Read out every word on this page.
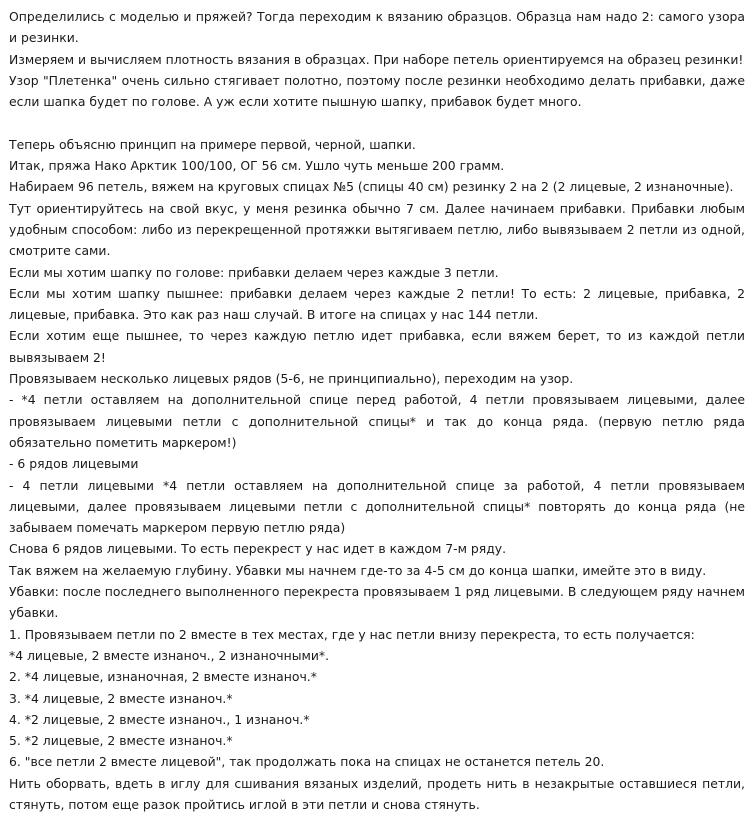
Определились с моделью и пряжей? Тогда переходим к вязанию образцов. Образца нам надо 2: самого узора и резинки.

Измеряем и вычисляем плотность вязания в образцах. При наборе петель ориентируемся на образец резинки!

Узор "Плетенка" очень сильно стягивает полотно, поэтому после резинки необходимо делать прибавки, даже если шапка будет по голове. А уж если хотите пышную шапку, прибавок будет много.

Теперь объясню принцип на примере первой, черной, шапки.

Итак, пряжа Нако Арктик 100/100, ОГ 56 см. Ушло чуть меньше 200 грамм.

Набираем 96 петель, вяжем на круговых спицах №5 (спицы 40 см) резинку 2 на 2 (2 лицевые, 2 изнаночные).

Тут ориентируйтесь на свой вкус, у меня резинка обычно 7 см. Далее начинаем прибавки. Прибавки любым удобным способом: либо из перекрещенной протяжки вытягиваем петлю, либо вывязываем 2 петли из одной, смотрите сами.

Если мы хотим шапку по голове: прибавки делаем через каждые 3 петли.

Если мы хотим шапку пышнее: прибавки делаем через каждые 2 петли! То есть: 2 лицевые, прибавка, 2 лицевые, прибавка. Это как раз наш случай. В итоге на спицах у нас 144 петли.

Если хотим еще пышнее, то через каждую петлю идет прибавка, если вяжем берет, то из каждой петли вывязываем 2!

Провязываем несколько лицевых рядов (5-6, не принципиально), переходим на узор.

- *4 петли оставляем на дополнительной спице перед работой, 4 петли провязываем лицевыми, далее провязываем лицевыми петли с дополнительной спицы* и так до конца ряда. (первую петлю ряда обязательно пометить маркером!)

- 6 рядов лицевыми

- 4 петли лицевыми *4 петли оставляем на дополнительной спице за работой, 4 петли провязываем лицевыми, далее провязываем лицевыми петли с дополнительной спицы* повторять до конца ряда (не забываем помечать маркером первую петлю ряда)

Снова 6 рядов лицевыми. То есть перекрест у нас идет в каждом 7-м ряду.

Так вяжем на желаемую глубину. Убавки мы начнем где-то за 4-5 см до конца шапки, имейте это в виду.

Убавки: после последнего выполненного перекреста провязываем 1 ряд лицевыми. В следующем ряду начнем убавки.

1. Провязываем петли по 2 вместе в тех местах, где у нас петли внизу перекреста, то есть получается:

*4 лицевые, 2 вместе изнаноч., 2 изнаночными*.

2. *4 лицевые, изнаночная, 2 вместе изнаноч.*

3. *4 лицевые, 2 вместе изнаноч.*

4. *2 лицевые, 2 вместе изнаноч., 1 изнаноч.*

5. *2 лицевые, 2 вместе изнаноч.*

6. "все петли 2 вместе лицевой", так продолжать пока на спицах не останется петель 20.

Нить оборвать, вдеть в иглу для сшивания вязаных изделий, продеть нить в незакрытые оставшиеся петли, стянуть, потом еще разок пройтись иглой в эти петли и снова стянуть.
